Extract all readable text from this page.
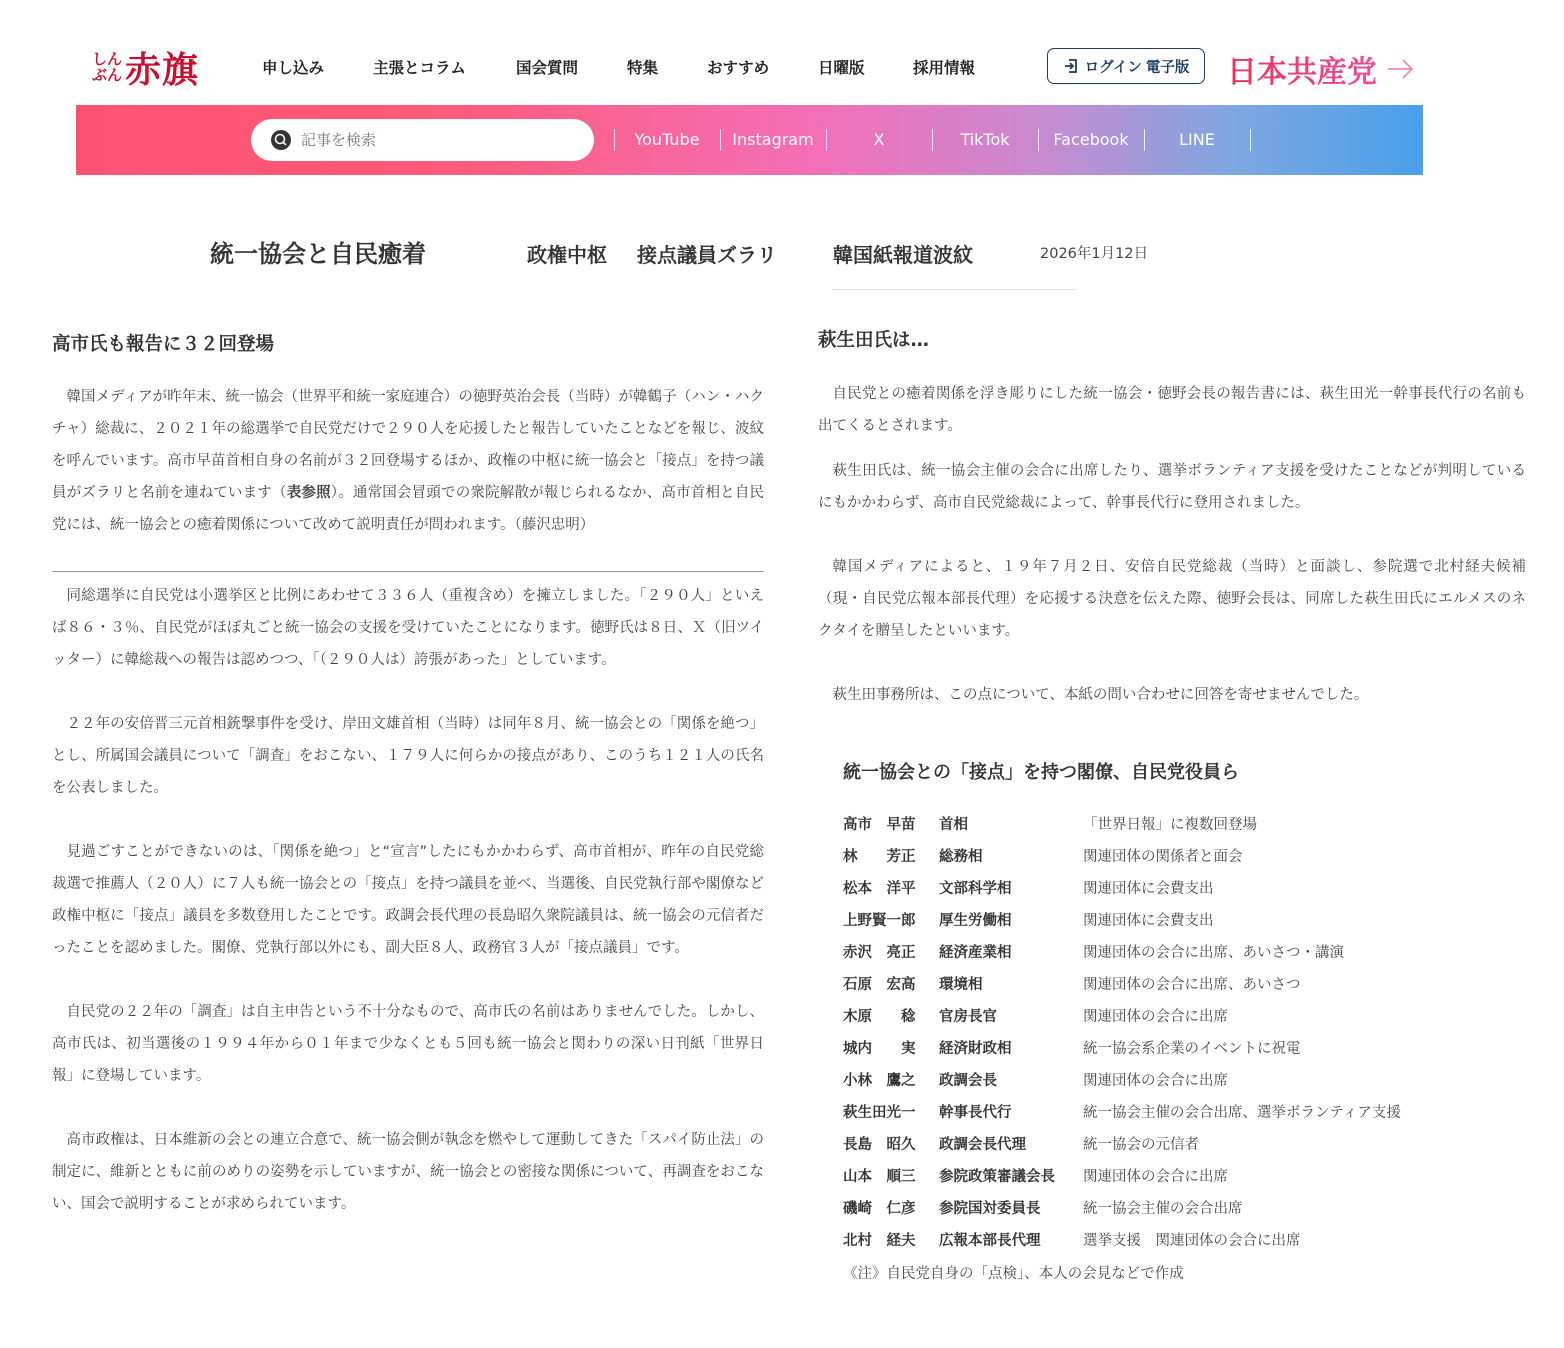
しん
ぶん 赤旗	申し込み	主張とコラム	国会質問	特集	おすすめ	日曜版	採用情報	ログイン 電子版 日本共産党
記事を検索
YouTube	Instagram	X	TikTok	Facebook	LINE
統一協会と自民癒着	政権中枢 接点議員ズラリ	韓国紙報道波紋	2026年1月12日
高市氏も報告に３２回登場

韓国メディアが昨年末、統一協会（世界平和統一家庭連合）の徳野英治会長（当時）が韓鶴子（ハン・ハクチャ）総裁に、２０２１年の総選挙で自民党だけで２９０人を応援したと報告していたことなどを報じ、波紋を呼んでいます。高市早苗首相自身の名前が３２回登場するほか、政権の中枢に統一協会と「接点」を持つ議員がズラリと名前を連ねています（表参照）。通常国会冒頭での衆院解散が報じられるなか、高市首相と自民党には、統一協会との癒着関係について改めて説明責任が問われます。（藤沢忠明）

同総選挙に自民党は小選挙区と比例にあわせて３３６人（重複含め）を擁立しました。「２９０人」といえば８６・３％、自民党がほぼ丸ごと統一協会の支援を受けていたことになります。徳野氏は８日、Ｘ（旧ツイッター）に韓総裁への報告は認めつつ、「（２９０人は）誇張があった」としています。

２２年の安倍晋三元首相銃撃事件を受け、岸田文雄首相（当時）は同年８月、統一協会との「関係を絶つ」とし、所属国会議員について「調査」をおこない、１７９人に何らかの接点があり、このうち１２１人の氏名を公表しました。

見過ごすことができないのは、「関係を絶つ」と“宣言”したにもかかわらず、高市首相が、昨年の自民党総裁選で推薦人（２０人）に７人も統一協会との「接点」を持つ議員を並べ、当選後、自民党執行部や閣僚など政権中枢に「接点」議員を多数登用したことです。政調会長代理の長島昭久衆院議員は、統一協会の元信者だったことを認めました。閣僚、党執行部以外にも、副大臣８人、政務官３人が「接点議員」です。

自民党の２２年の「調査」は自主申告という不十分なもので、高市氏の名前はありませんでした。しかし、高市氏は、初当選後の１９９４年から０１年まで少なくとも５回も統一協会と関わりの深い日刊紙「世界日報」に登場しています。

高市政権は、日本維新の会との連立合意で、統一協会側が執念を燃やして運動してきた「スパイ防止法」の制定に、維新とともに前のめりの姿勢を示していますが、統一協会との密接な関係について、再調査をおこない、国会で説明することが求められています。

萩生田氏は…

自民党との癒着関係を浮き彫りにした統一協会・徳野会長の報告書には、萩生田光一幹事長代行の名前も出てくるとされます。

萩生田氏は、統一協会主催の会合に出席したり、選挙ボランティア支援を受けたことなどが判明しているにもかかわらず、高市自民党総裁によって、幹事長代行に登用されました。

韓国メディアによると、１９年７月２日、安倍自民党総裁（当時）と面談し、参院選で北村経夫候補（現・自民党広報本部長代理）を応援する決意を伝えた際、徳野会長は、同席した萩生田氏にエルメスのネクタイを贈呈したといいます。

萩生田事務所は、この点について、本紙の問い合わせに回答を寄せませんでした。

統一協会との「接点」を持つ閣僚、自民党役員ら
高市　早苗 首相	「世界日報」に複数回登場
林　　芳正 総務相	関連団体の関係者と面会
松本　洋平 文部科学相	関連団体に会費支出
上野賢一郎 厚生労働相	関連団体に会費支出
赤沢　亮正 経済産業相	関連団体の会合に出席、あいさつ・講演
石原　宏高 環境相	関連団体の会合に出席、あいさつ
木原　　稔 官房長官	関連団体の会合に出席
城内　　実 経済財政相	統一協会系企業のイベントに祝電
小林　鷹之 政調会長	関連団体の会合に出席
萩生田光一 幹事長代行	統一協会主催の会合出席、選挙ボランティア支援
長島　昭久 政調会長代理	統一協会の元信者
山本　順三 参院政策審議会長 関連団体の会合に出席
磯崎　仁彦 参院国対委員長	統一協会主催の会合出席
北村　経夫 広報本部長代理	選挙支援　関連団体の会合に出席

《注》自民党自身の「点検」、本人の会見などで作成
